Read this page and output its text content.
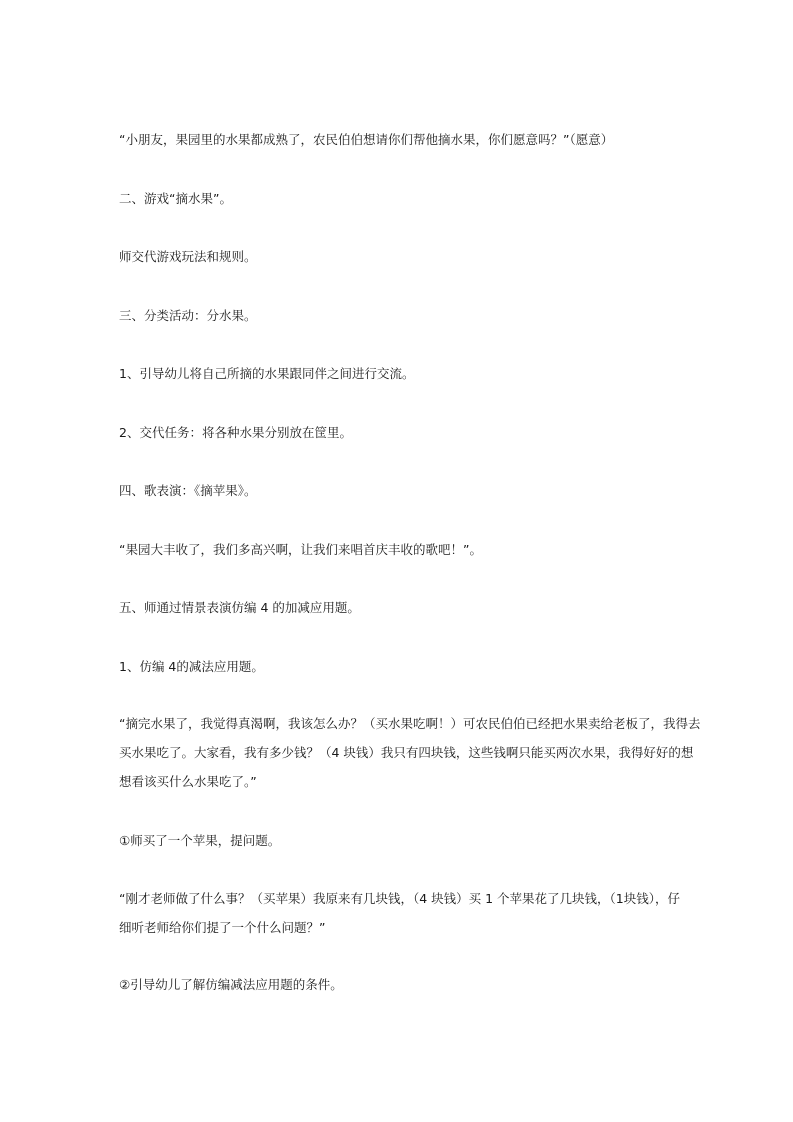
“小朋友，果园里的水果都成熟了，农民伯伯想请你们帮他摘水果，你们愿意吗？”（愿意）

二、游戏“摘水果”。

师交代游戏玩法和规则。

三、分类活动：分水果。

1、引导幼儿将自己所摘的水果跟同伴之间进行交流。

2、交代任务：将各种水果分别放在筐里。

四、歌表演：《摘苹果》。

“果园大丰收了，我们多高兴啊，让我们来唱首庆丰收的歌吧！”。

五、师通过情景表演仿编 4 的加减应用题。

1、仿编 4的减法应用题。

“摘完水果了，我觉得真渴啊，我该怎么办？（买水果吃啊！）可农民伯伯已经把水果卖给老板了，我得去
买水果吃了。大家看，我有多少钱？（4 块钱）我只有四块钱，这些钱啊只能买两次水果，我得好好的想
想看该买什么水果吃了。”

①师买了一个苹果，提问题。

“刚才老师做了什么事？（买苹果）我原来有几块钱，（4 块钱）买 1 个苹果花了几块钱，（1块钱），仔
细听老师给你们提了一个什么问题？”

②引导幼儿了解仿编减法应用题的条件。
